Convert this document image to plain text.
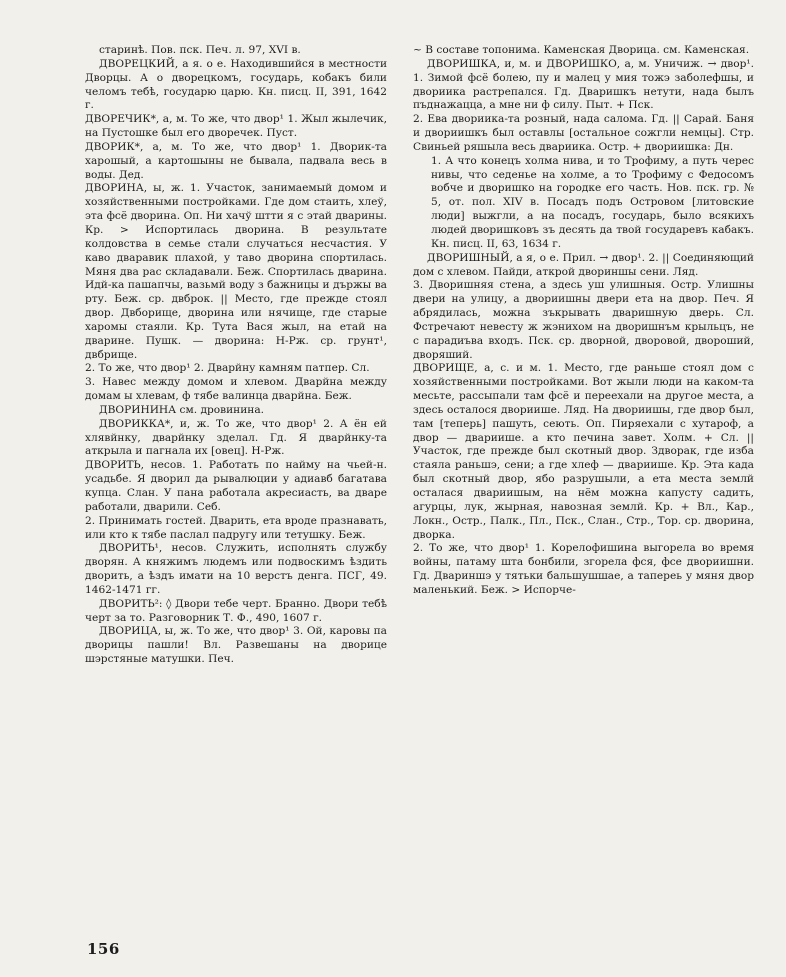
старинѣ. Пов. пск. Печ. л. 97, XVI в.

ДВОРЕЦКИЙ, а я. о е. Находившийся в местности Дворцы. А о дворецкомъ, государь, кобакъ били челомъ тебѣ, государю царю. Кн. писц. II, 391, 1642 г.

ДВОРЕЧИК*, а, м. То же, что двор¹ 1. Жыл жылечик, на Пустошке был его дворечек. Пуст.

ДВОРИК*, а, м. То же, что двор¹ 1. Дворик-та харошый, а картошыны не бывала, падвала весь в воды. Дед.

ДВОРИНА, ы, ж. 1. Участок, занимаемый домом и хозяйственными постройками. Где дом стаить, хлеў, эта фсё дворина. Оп. Ни хачў штти я с этай дварины. Кр. > Испортилась дворина. В результате колдовства в семье стали случаться несчастия. У каво дваравик плахой, у таво дворина спортилась. Мяня два рас складавали. Беж. Спортилась дварина. Идй-ка пашапчы, вазьмй воду з бажницы и държы ва рту. Беж. ср. двброк. || Место, где прежде стоял двор. Двборище, дворина или нячище, где старые харомы стаяли. Кр. Тута Вася жыл, на етай на дварине. Пушк. — дворина: Н-Рж. ср. грунт¹, двбрище.

2. То же, что двор¹ 2. Дварйну камням патпер. Сл.

3. Навес между домом и хлевом. Дварйна между домам ы хлевам, ф тябе валинца дварйна. Беж.

ДВОРИНИНА см. дровинина.

ДВОРИККА*, и, ж. То же, что двор¹ 2. А ён ей хлявйнку, дварйнку зделал. Гд. Я дварйнку-та аткрыла и пагнала их [овец]. Н-Рж.

ДВОРИТЬ, несов. 1. Работать по найму на чьей-н. усадьбе. Я дворил да рывалюции у адиавб багатава купца. Слан. У пана работала акресиасть, ва дваре работали, дварили. Себ.

2. Принимать гостей. Дварить, ета вроде празнавать, или кто к тябе паслал падругу или тетушку. Беж.

ДВОРИТЬ¹, несов. Служить, исполнять службу дворян. А княжимъ людемъ или подвоскимъ ѣздить дворить, а ѣздъ имати на 10 верстъ денга. ПСГ, 49. 1462-1471 гг.

ДВОРИТЬ²: ◊ Двори тебе черт. Бранно. Двори тебѣ черт за то. Разговорник Т. Ф., 490, 1607 г.

ДВОРИЦА, ы, ж. То же, что двор¹ 3. Ой, каровы па дворицы пашли! Вл. Развешаны на дворице шэрстяные матушки. Печ.

~ В составе топонима. Каменская Дворица. см. Каменская.

ДВОРИШКА, и, м. и ДВОРИШКО, а, м. Уничиж. → двор¹. 1. Зимой фсё болею, пу и малец у мия тожэ заболефшы, и двориика растрепался. Гд. Дваришкъ нетути, нада былъ пъднажацца, а мне ни ф силу. Пыт. + Пск.

2. Ева двориика-та розный, нада салома. Гд. || Сарай. Баня и двориишкъ был оставлы [остальное сожгли немцы]. Стр. Свиньей ряшыла весь двариика. Остр. + двориишка: Дн.

1. А что конецъ холма нива, и то Трофиму, а путь черес нивы, что седенье на холме, а то Трофиму с Федосомъ вобче и дворишко на городке его часть. Нов. пск. гр. № 5, от. пол. XIV в. Посадъ подъ Островом [литовские люди] выжгли, а на посадъ, государь, было всякихъ людей дворишковъ зъ десять да твой государевъ кабакъ. Кн. писц. II, 63, 1634 г.

ДВОРИШНЫЙ, а я, о е. Прил. → двор¹. 2. || Соединяющий дом с хлевом. Пайди, аткрой двориншы сени. Ляд.

3. Дворишняя стена, а здесь уш улишныя. Остр. Улишны двери на улицу, а двориишны двери ета на двор. Печ. Я абрядилась, можна зъкрывать дваришную дверь. Сл. Фстречают невесту ж жэнихом на дворишнъм крыльцъ, не с парадиъва входъ. Пск. ср. дворной, дворовой, двороший, дворяший.

ДВОРИЩЕ, а, с. и м. 1. Место, где раньше стоял дом с хозяйственными постройками. Вот жыли люди на каком-та месьте, рассыпали там фсё и переехали на другое места, а здесь осталося двориише. Ляд. На двориишы, где двор был, там [теперь] пашуть, сеють. Оп. Пиряехали с хутароф, а двор — двариише. а кто печина завет. Холм. + Сл. || Участок, где прежде был скотный двор. Здворак, где изба стаяла раньшэ, сени; а где хлеф — двариише. Кр. Эта када был скотный двор, ябо разрушыли, а ета места землй осталася двариишым, на нём можна капусту садить, агурцы, лук, жырная, навозная землй. Кр. + Вл., Кар., Локн., Остр., Палк., Пл., Пск., Слан., Стр., Тор. ср. дворина, дворка.

2. То же, что двор¹ 1. Корелофишина выгорела во время войны, патаму шта бонбили, згорела фся, фсе двориишни. Гд. Двариншэ у тятьки бальшушшае, а тапереь у мяня двор маленький. Беж. > Испорче-

156
